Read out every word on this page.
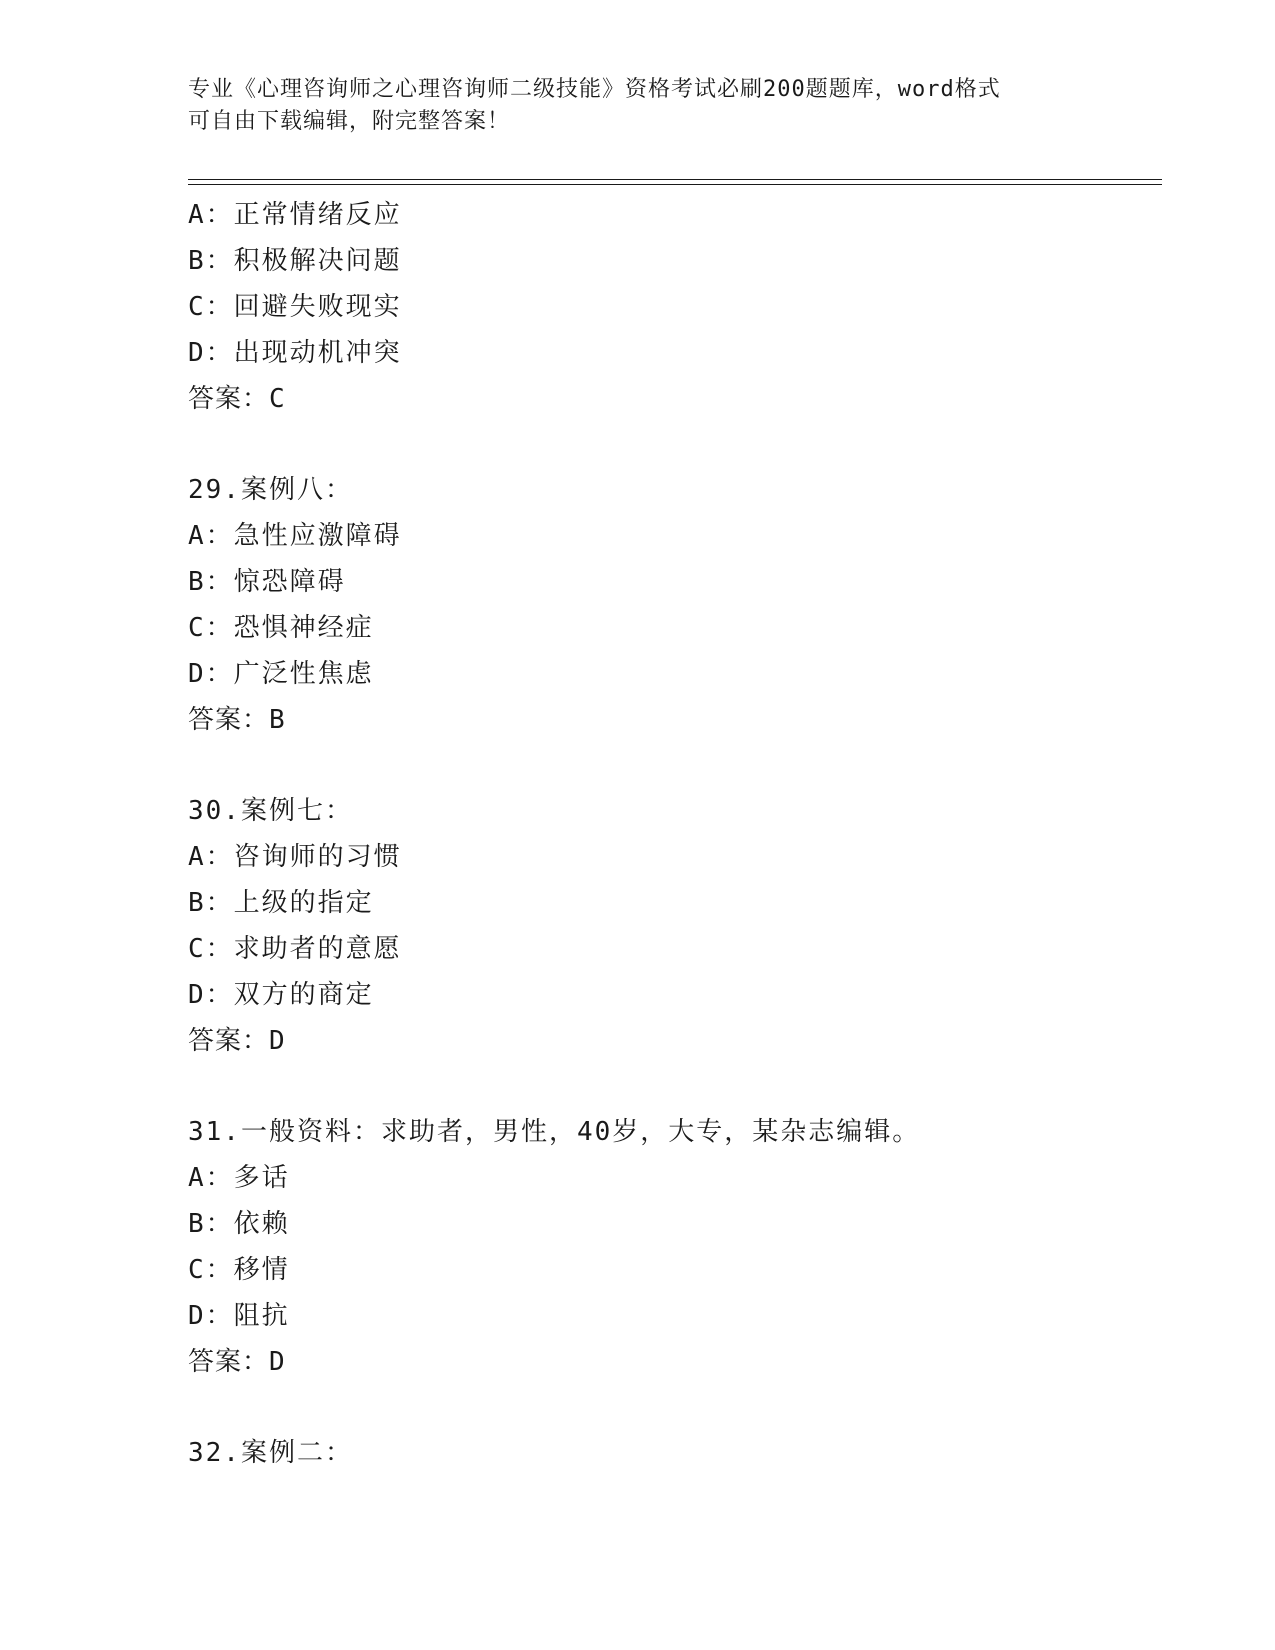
专业《心理咨询师之心理咨询师二级技能》资格考试必刷200题题库，word格式
可自由下载编辑，附完整答案！
A：正常情绪反应
B：积极解决问题
C：回避失败现实
D：出现动机冲突
答案：C
29.案例八：
A：急性应激障碍
B：惊恐障碍
C：恐惧神经症
D：广泛性焦虑
答案：B
30.案例七：
A：咨询师的习惯
B：上级的指定
C：求助者的意愿
D：双方的商定
答案：D
31.一般资料：求助者，男性，40岁，大专，某杂志编辑。
A：多话
B：依赖
C：移情
D：阻抗
答案：D
32.案例二：
